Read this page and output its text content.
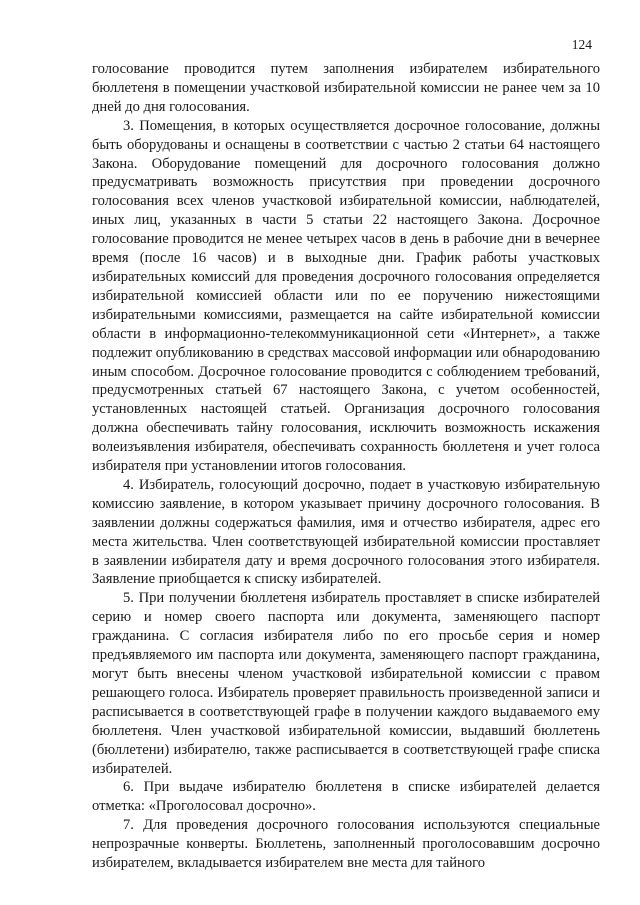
124

голосование проводится путем заполнения избирателем избирательного бюллетеня в помещении участковой избирательной комиссии не ранее чем за 10 дней до дня голосования.

3. Помещения, в которых осуществляется досрочное голосование, должны быть оборудованы и оснащены в соответствии с частью 2 статьи 64 настоящего Закона. Оборудование помещений для досрочного голосования должно предусматривать возможность присутствия при проведении досрочного голосования всех членов участковой избирательной комиссии, наблюдателей, иных лиц, указанных в части 5 статьи 22 настоящего Закона. Досрочное голосование проводится не менее четырех часов в день в рабочие дни в вечернее время (после 16 часов) и в выходные дни. График работы участковых избирательных комиссий для проведения досрочного голосования определяется избирательной комиссией области или по ее поручению нижестоящими избирательными комиссиями, размещается на сайте избирательной комиссии области в информационно-телекоммуникационной сети «Интернет», а также подлежит опубликованию в средствах массовой информации или обнародованию иным способом. Досрочное голосование проводится с соблюдением требований, предусмотренных статьей 67 настоящего Закона, с учетом особенностей, установленных настоящей статьей. Организация досрочного голосования должна обеспечивать тайну голосования, исключить возможность искажения волеизъявления избирателя, обеспечивать сохранность бюллетеня и учет голоса избирателя при установлении итогов голосования.

4. Избиратель, голосующий досрочно, подает в участковую избирательную комиссию заявление, в котором указывает причину досрочного голосования. В заявлении должны содержаться фамилия, имя и отчество избирателя, адрес его места жительства. Член соответствующей избирательной комиссии проставляет в заявлении избирателя дату и время досрочного голосования этого избирателя. Заявление приобщается к списку избирателей.

5. При получении бюллетеня избиратель проставляет в списке избирателей серию и номер своего паспорта или документа, заменяющего паспорт гражданина. С согласия избирателя либо по его просьбе серия и номер предъявляемого им паспорта или документа, заменяющего паспорт гражданина, могут быть внесены членом участковой избирательной комиссии с правом решающего голоса. Избиратель проверяет правильность произведенной записи и расписывается в соответствующей графе в получении каждого выдаваемого ему бюллетеня. Член участковой избирательной комиссии, выдавший бюллетень (бюллетени) избирателю, также расписывается в соответствующей графе списка избирателей.

6. При выдаче избирателю бюллетеня в списке избирателей делается отметка: «Проголосовал досрочно».

7. Для проведения досрочного голосования используются специальные непрозрачные конверты. Бюллетень, заполненный проголосовавшим досрочно избирателем, вкладывается избирателем вне места для тайного
